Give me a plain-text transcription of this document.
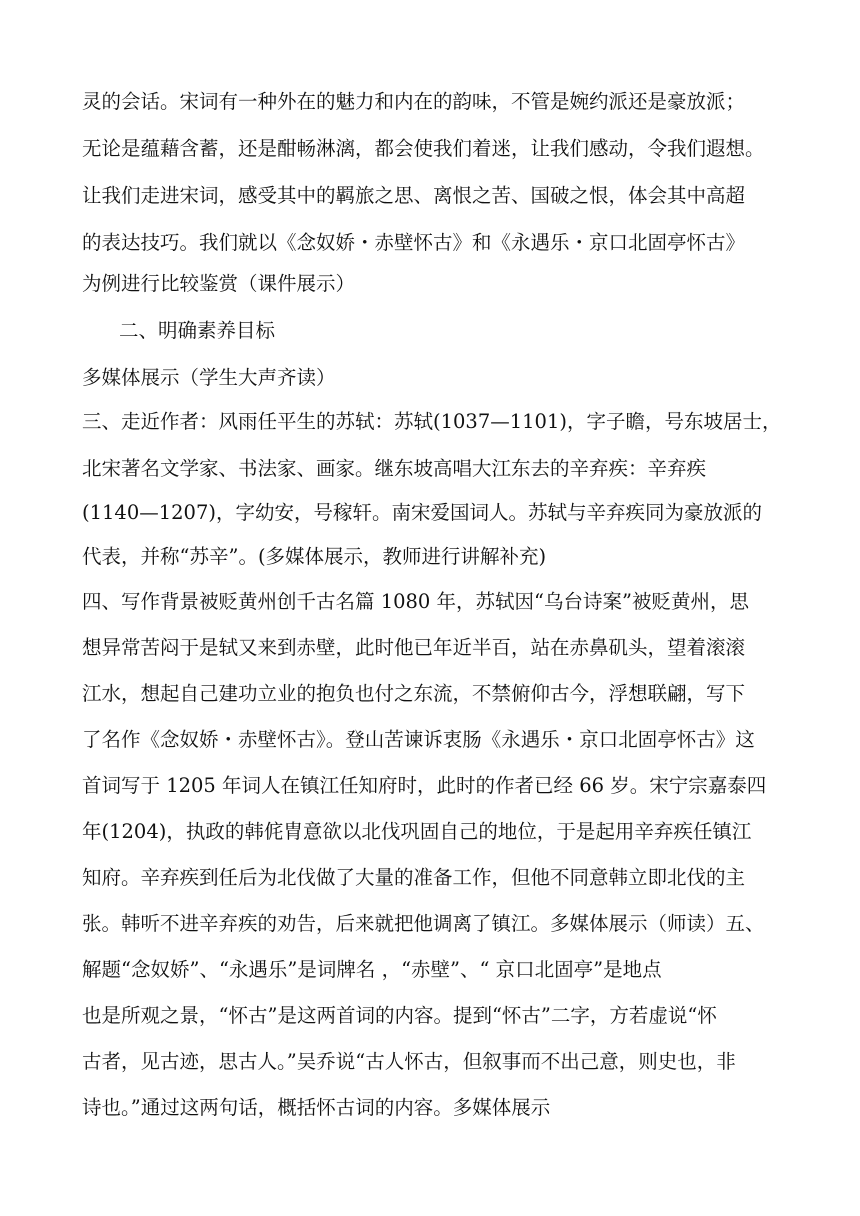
灵的会话。宋词有一种外在的魅力和内在的韵味，不管是婉约派还是豪放派；

无论是蕴藉含蓄，还是酣畅淋漓，都会使我们着迷，让我们感动，令我们遐想。

让我们走进宋词，感受其中的羁旅之思、离恨之苦、国破之恨，体会其中高超

的表达技巧。我们就以《念奴娇・赤壁怀古》和《永遇乐・京口北固亭怀古》

为例进行比较鉴赏（课件展示）

二、明确素养目标

多媒体展示（学生大声齐读）

三、走近作者：风雨任平生的苏轼：苏轼(1037—1101)，字子瞻，号东坡居士，

北宋著名文学家、书法家、画家。继东坡高唱大江东去的辛弃疾：辛弃疾

(1140—1207)，字幼安，号稼轩。南宋爱国词人。苏轼与辛弃疾同为豪放派的

代表，并称“苏辛”。(多媒体展示，教师进行讲解补充)

四、写作背景被贬黄州创千古名篇 1080 年，苏轼因“乌台诗案”被贬黄州，思

想异常苦闷于是轼又来到赤壁，此时他已年近半百，站在赤鼻矶头，望着滚滚

江水，想起自己建功立业的抱负也付之东流，不禁俯仰古今，浮想联翩，写下

了名作《念奴娇・赤壁怀古》。登山苦谏诉衷肠《永遇乐・京口北固亭怀古》这

首词写于 1205 年词人在镇江任知府时，此时的作者已经 66 岁。宋宁宗嘉泰四

年(1204)，执政的韩侂胄意欲以北伐巩固自己的地位，于是起用辛弃疾任镇江

知府。辛弃疾到任后为北伐做了大量的准备工作，但他不同意韩立即北伐的主

张。韩听不进辛弃疾的劝告，后来就把他调离了镇江。多媒体展示（师读）五、

解题“念奴娇”、“永遇乐”是词牌名 ，“赤壁”、“ 京口北固亭”是地点

也是所观之景，“怀古”是这两首词的内容。提到“怀古”二字，方若虚说“怀

古者，见古迹，思古人。”吴乔说“古人怀古，但叙事而不出己意，则史也，非

诗也。”通过这两句话，概括怀古词的内容。多媒体展示
